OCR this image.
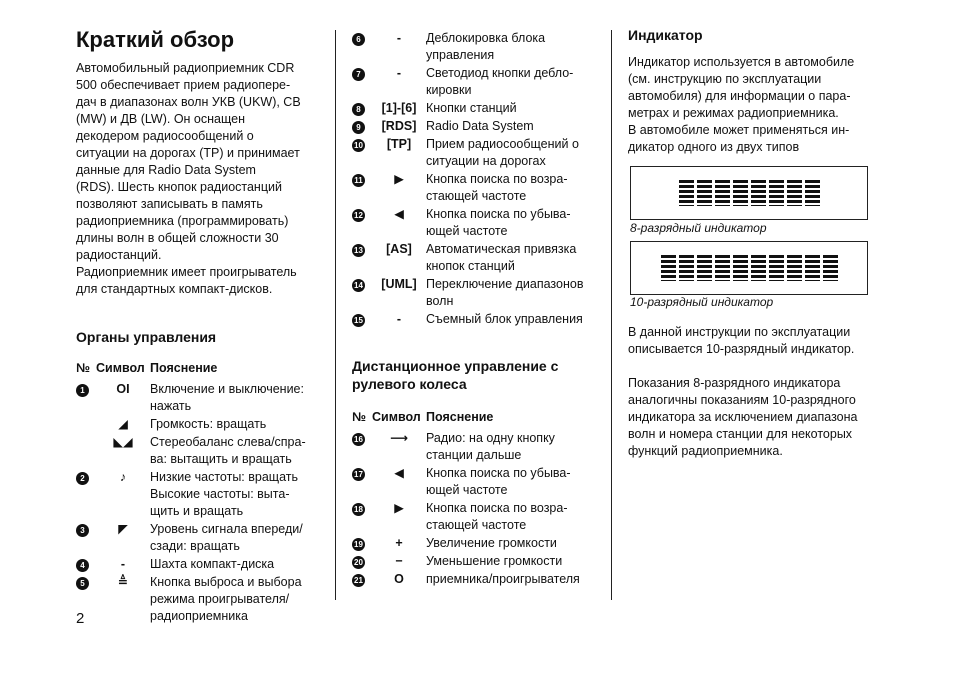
Краткий обзор

Автомобильный радиоприемник CDR

500 обеспечивает прием радиопере-

дач в диапазонах волн УКВ (UKW), СВ

(MW) и ДВ (LW). Он оснащен

декодером радиосообщений о

ситуации на дорогах (TP) и принимает

данные для Radio Data System

(RDS). Шесть кнопок радиостанций

позволяют записывать в память

радиоприемника (программировать)

длины волн в общей сложности 30

радиостанций.

Радиоприемник имеет проигрыватель

для стандартных компакт-дисков.

Органы управления
№ Символ Пояснение
1	OI	Включение и выключение:
нажать
◢	Громкость: вращать
◣◢	Стереобаланс слева/спра-
ва: вытащить и вращать
2	♪	Низкие частоты: вращать
Высокие частоты: выта-
щить и вращать
3	◤	Уровень сигнала впереди/
сзади: вращать
4	-	Шахта компакт-диска
5	≜	Кнопка выброса и выбора
режима проигрывателя/
радиоприемника
6	-	Деблокировка блока
управления
7	-	Светодиод кнопки дебло-
кировки
8	[1]-[6] Кнопки станций
9	[RDS] Radio Data System
10	[TP]	Прием радиосообщений о
ситуации на дорогах
11	▶	Кнопка поиска по возра-
стающей частоте
12	◀	Кнопка поиска по убыва-
ющей частоте
13	[AS]	Автоматическая привязка
кнопок станций
14	[UML] Переключение диапазонов
волн
15	-	Съемный блок управления
Дистанционное управление с
рулевого колеса
№ Символ Пояснение
16	⟶	Радио: на одну кнопку
станции дальше
17	◀	Кнопка поиска по убыва-
ющей частоте
18	▶	Кнопка поиска по возра-
стающей частоте
19	+	Увеличение громкости
20	−	Уменьшение громкости
21	O	приемника/проигрывателя
Индикатор

Индикатор используется в автомобиле

(см. инструкцию по эксплуатации

автомобиля) для информации о пара-

метрах и режимах радиоприемника.

В автомобиле может применяться ин-

дикатор одного из двух типов

8-разрядный индикатор
10-разрядный индикатор

В данной инструкции по эксплуатации

описывается 10-разрядный индикатор.

Показания 8-разрядного индикатора

аналогичны показаниям 10-разрядного

индикатора за исключением диапазона

волн и номера станции для некоторых

функций радиоприемника.

2
